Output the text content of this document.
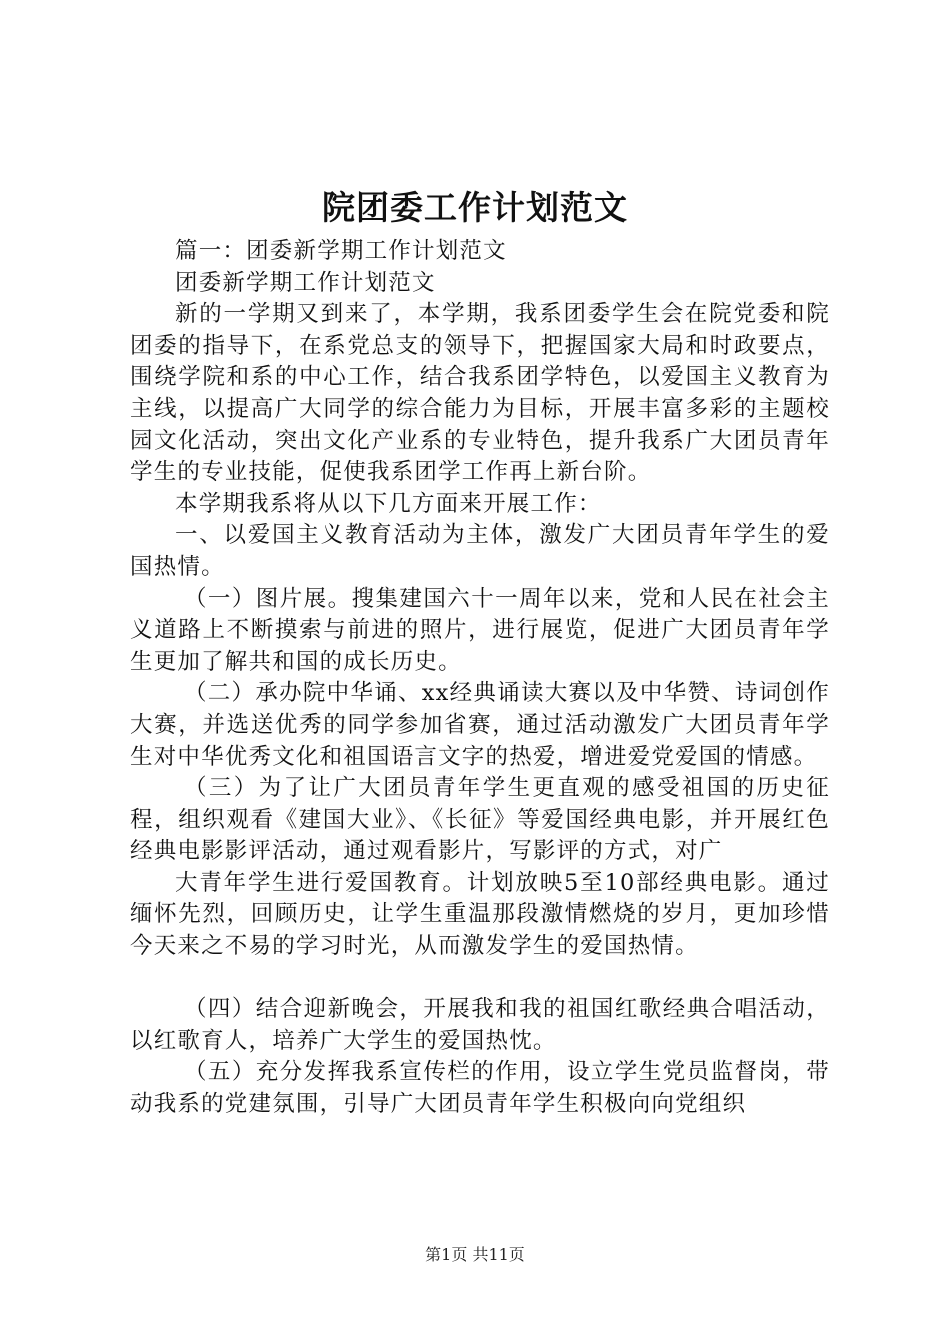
院团委工作计划范文

篇一：团委新学期工作计划范文

团委新学期工作计划范文

新的一学期又到来了，本学期，我系团委学生会在院党委和院团委的指导下，在系党总支的领导下，把握国家大局和时政要点，围绕学院和系的中心工作，结合我系团学特色，以爱国主义教育为主线，以提高广大同学的综合能力为目标，开展丰富多彩的主题校园文化活动，突出文化产业系的专业特色，提升我系广大团员青年学生的专业技能，促使我系团学工作再上新台阶。

本学期我系将从以下几方面来开展工作：

一、以爱国主义教育活动为主体，激发广大团员青年学生的爱国热情。

（一）图片展。搜集建国六十一周年以来，党和人民在社会主义道路上不断摸索与前进的照片，进行展览，促进广大团员青年学生更加了解共和国的成长历史。

（二）承办院中华诵、xx经典诵读大赛以及中华赞、诗词创作大赛，并选送优秀的同学参加省赛，通过活动激发广大团员青年学生对中华优秀文化和祖国语言文字的热爱，增进爱党爱国的情感。

（三）为了让广大团员青年学生更直观的感受祖国的历史征程，组织观看《建国大业》、《长征》等爱国经典电影，并开展红色经典电影影评活动，通过观看影片，写影评的方式，对广

大青年学生进行爱国教育。计划放映5至10部经典电影。通过缅怀先烈，回顾历史，让学生重温那段激情燃烧的岁月，更加珍惜今天来之不易的学习时光，从而激发学生的爱国热情。

（四）结合迎新晚会，开展我和我的祖国红歌经典合唱活动，以红歌育人，培养广大学生的爱国热忱。

（五）充分发挥我系宣传栏的作用，设立学生党员监督岗，带动我系的党建氛围，引导广大团员青年学生积极向向党组织

第1页 共11页
